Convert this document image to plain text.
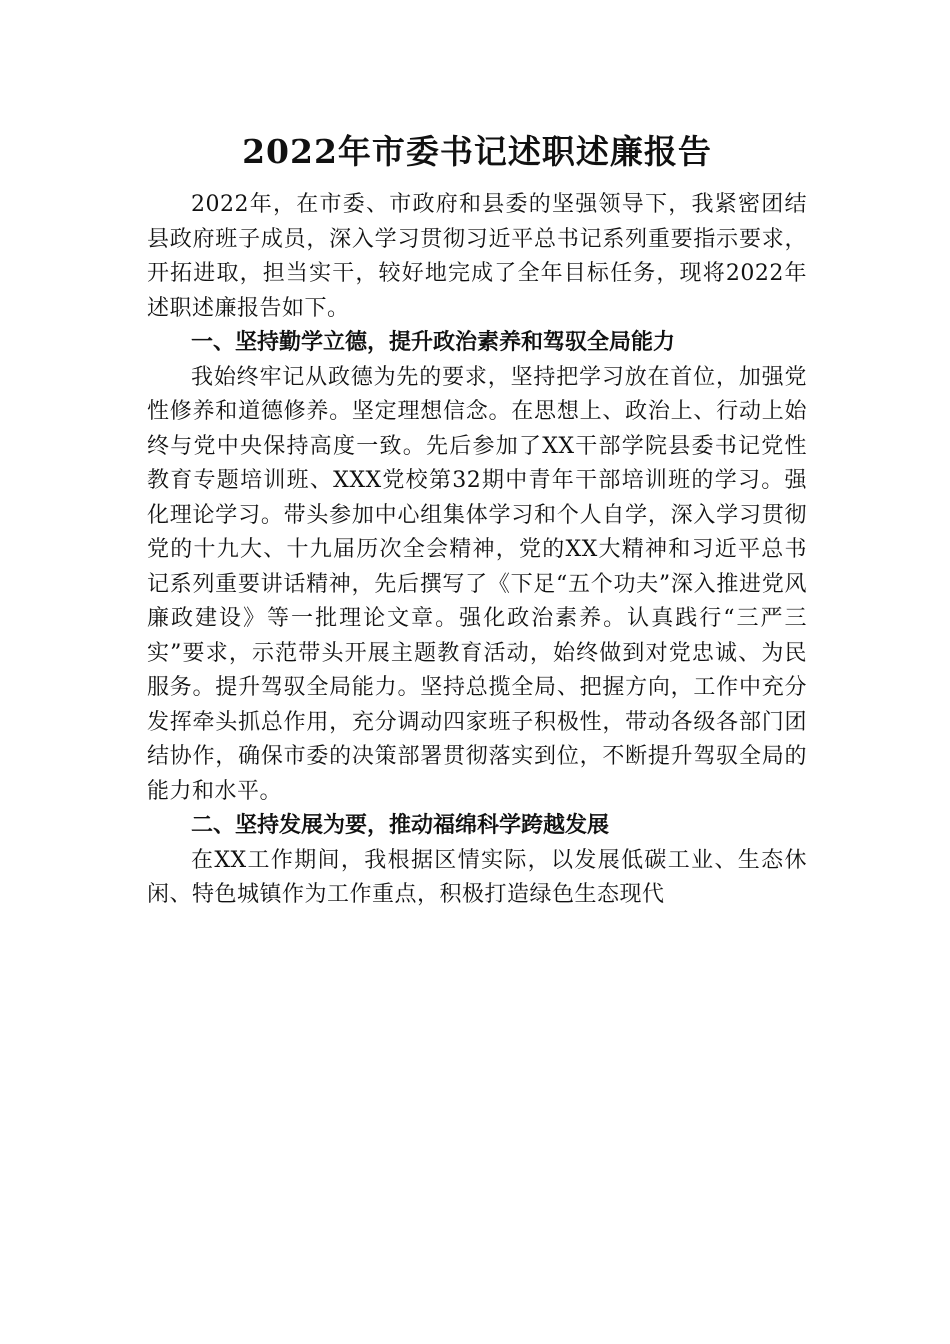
2022年市委书记述职述廉报告

2022年，在市委、市政府和县委的坚强领导下，我紧密团结县政府班子成员，深入学习贯彻习近平总书记系列重要指示要求，开拓进取，担当实干，较好地完成了全年目标任务，现将2022年述职述廉报告如下。

一、坚持勤学立德，提升政治素养和驾驭全局能力

我始终牢记从政德为先的要求，坚持把学习放在首位，加强党性修养和道德修养。坚定理想信念。在思想上、政治上、行动上始终与党中央保持高度一致。先后参加了XX干部学院县委书记党性教育专题培训班、XXX党校第32期中青年干部培训班的学习。强化理论学习。带头参加中心组集体学习和个人自学，深入学习贯彻党的十九大、十九届历次全会精神，党的XX大精神和习近平总书记系列重要讲话精神，先后撰写了《下足“五个功夫”深入推进党风廉政建设》等一批理论文章。强化政治素养。认真践行“三严三实”要求，示范带头开展主题教育活动，始终做到对党忠诚、为民服务。提升驾驭全局能力。坚持总揽全局、把握方向，工作中充分发挥牵头抓总作用，充分调动四家班子积极性，带动各级各部门团结协作，确保市委的决策部署贯彻落实到位，不断提升驾驭全局的能力和水平。

二、坚持发展为要，推动福绵科学跨越发展

在XX工作期间，我根据区情实际，以发展低碳工业、生态休闲、特色城镇作为工作重点，积极打造绿色生态现代
